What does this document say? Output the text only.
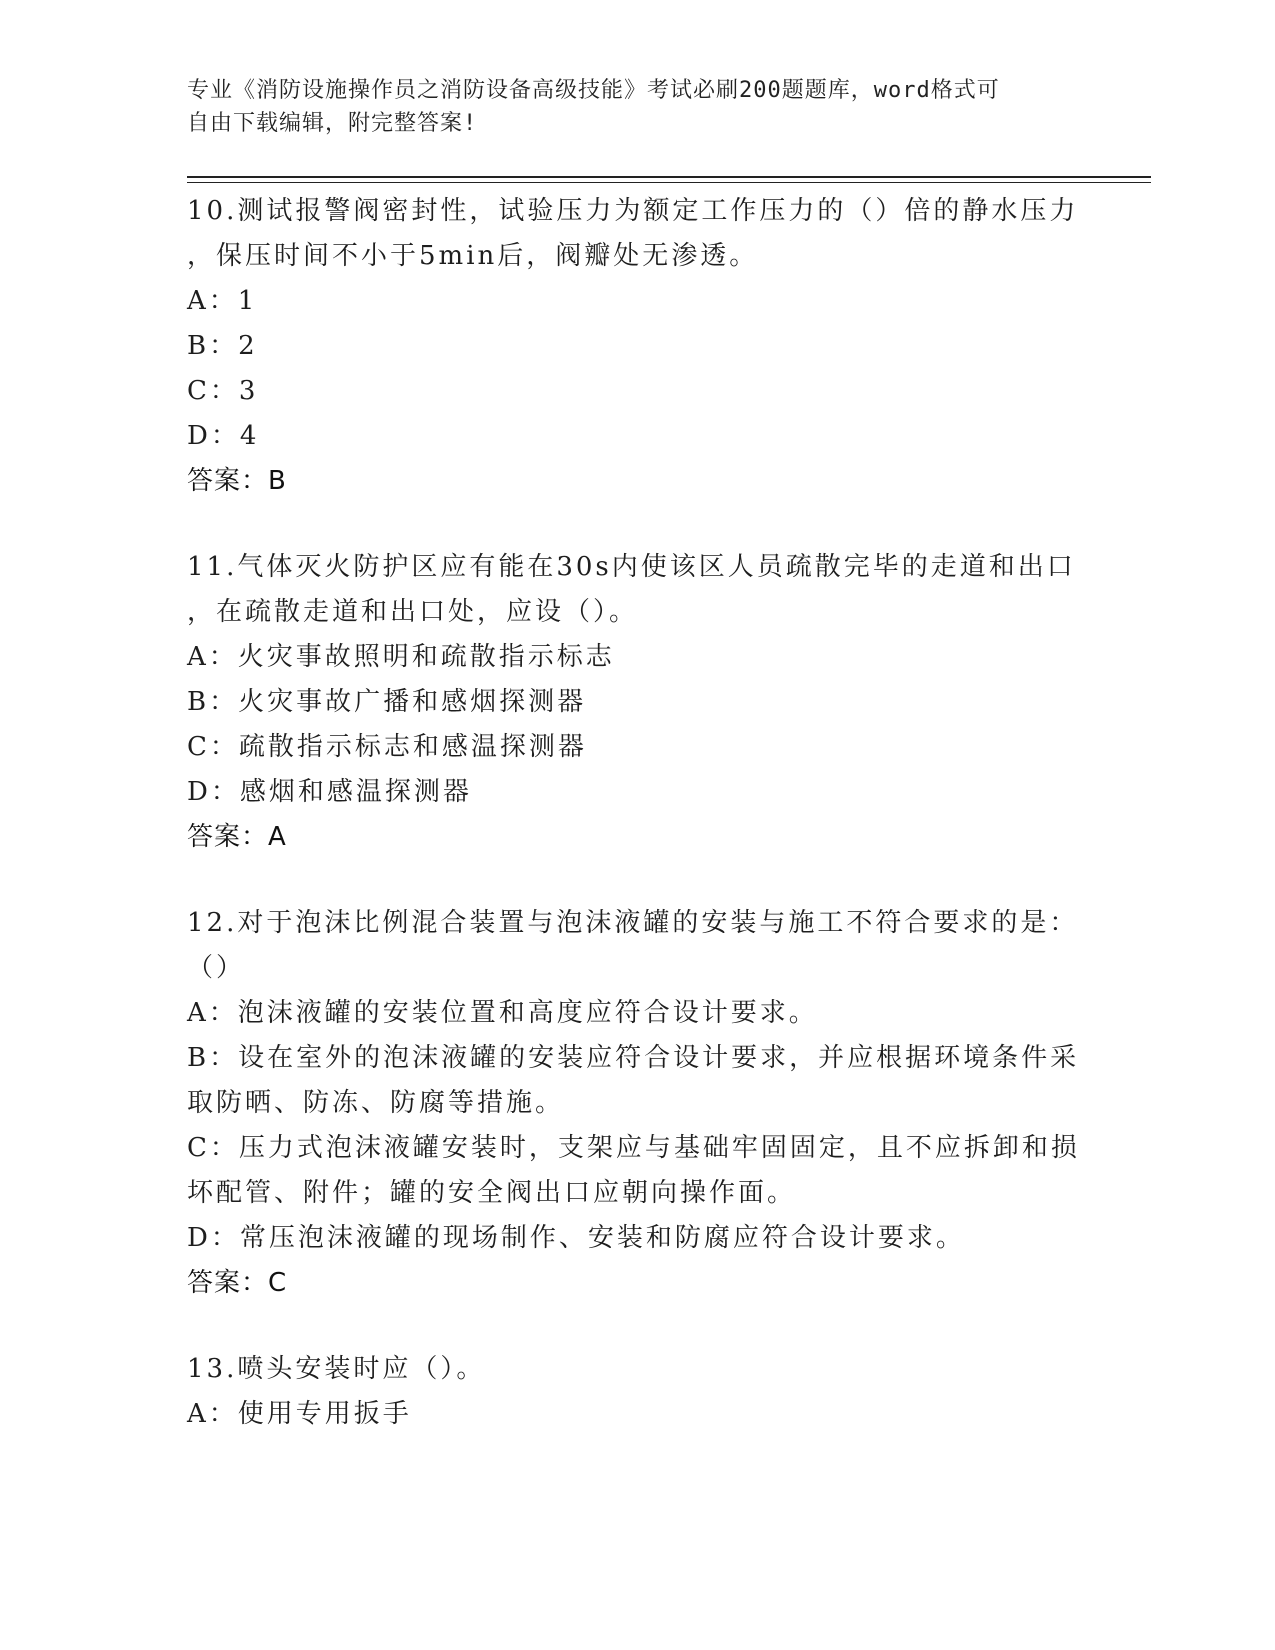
专业《消防设施操作员之消防设备高级技能》考试必刷200题题库，word格式可
自由下载编辑，附完整答案!
10.测试报警阀密封性，试验压力为额定工作压力的（）倍的静水压力
，保压时间不小于5min后，阀瓣处无渗透。
A：1
B：2
C：3
D：4
答案：B
11.气体灭火防护区应有能在30s内使该区人员疏散完毕的走道和出口
，在疏散走道和出口处，应设（）。
A：火灾事故照明和疏散指示标志
B：火灾事故广播和感烟探测器
C：疏散指示标志和感温探测器
D：感烟和感温探测器
答案：A
12.对于泡沫比例混合装置与泡沫液罐的安装与施工不符合要求的是：
（）
A：泡沫液罐的安装位置和高度应符合设计要求。
B：设在室外的泡沫液罐的安装应符合设计要求，并应根据环境条件采
取防晒、防冻、防腐等措施。
C：压力式泡沫液罐安装时，支架应与基础牢固固定，且不应拆卸和损
坏配管、附件；罐的安全阀出口应朝向操作面。
D：常压泡沫液罐的现场制作、安装和防腐应符合设计要求。
答案：C
13.喷头安装时应（）。
A：使用专用扳手
